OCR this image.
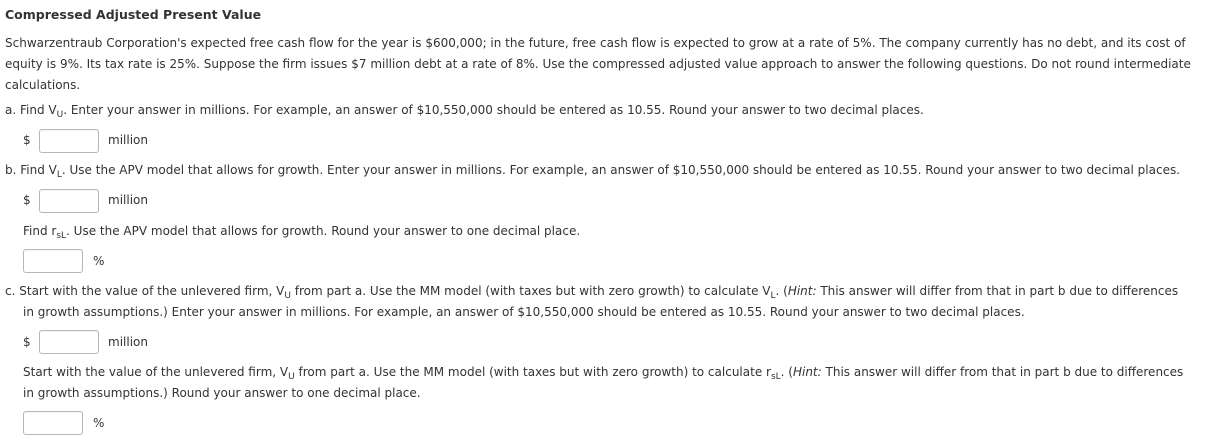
Compressed Adjusted Present Value
Schwarzentraub Corporation's expected free cash flow for the year is $600,000; in the future, free cash flow is expected to grow at a rate of 5%. The company currently has no debt, and its cost of
equity is 9%. Its tax rate is 25%. Suppose the firm issues $7 million debt at a rate of 8%. Use the compressed adjusted value approach to answer the following questions. Do not round intermediate
calculations.
a. Find $V_U$. Enter your answer in millions. For example, an answer of $10,550,000 should be entered as 10.55. Round your answer to two decimal places.
$	million
b. Find $V_L$. Use the APV model that allows for growth. Enter your answer in millions. For example, an answer of $10,550,000 should be entered as 10.55. Round your answer to two decimal places.
$	million
Find $r_{sL}$. Use the APV model that allows for growth. Round your answer to one decimal place.
%
c. Start with the value of the unlevered firm, $V_U$ from part a. Use the MM model (with taxes but with zero growth) to calculate $V_L$. (Hint: This answer will differ from that in part b due to differences
in growth assumptions.) Enter your answer in millions. For example, an answer of $10,550,000 should be entered as 10.55. Round your answer to two decimal places.
$	million
Start with the value of the unlevered firm, $V_U$ from part a. Use the MM model (with taxes but with zero growth) to calculate $r_{sL}$. (Hint: This answer will differ from that in part b due to differences
in growth assumptions.) Round your answer to one decimal place.
%
